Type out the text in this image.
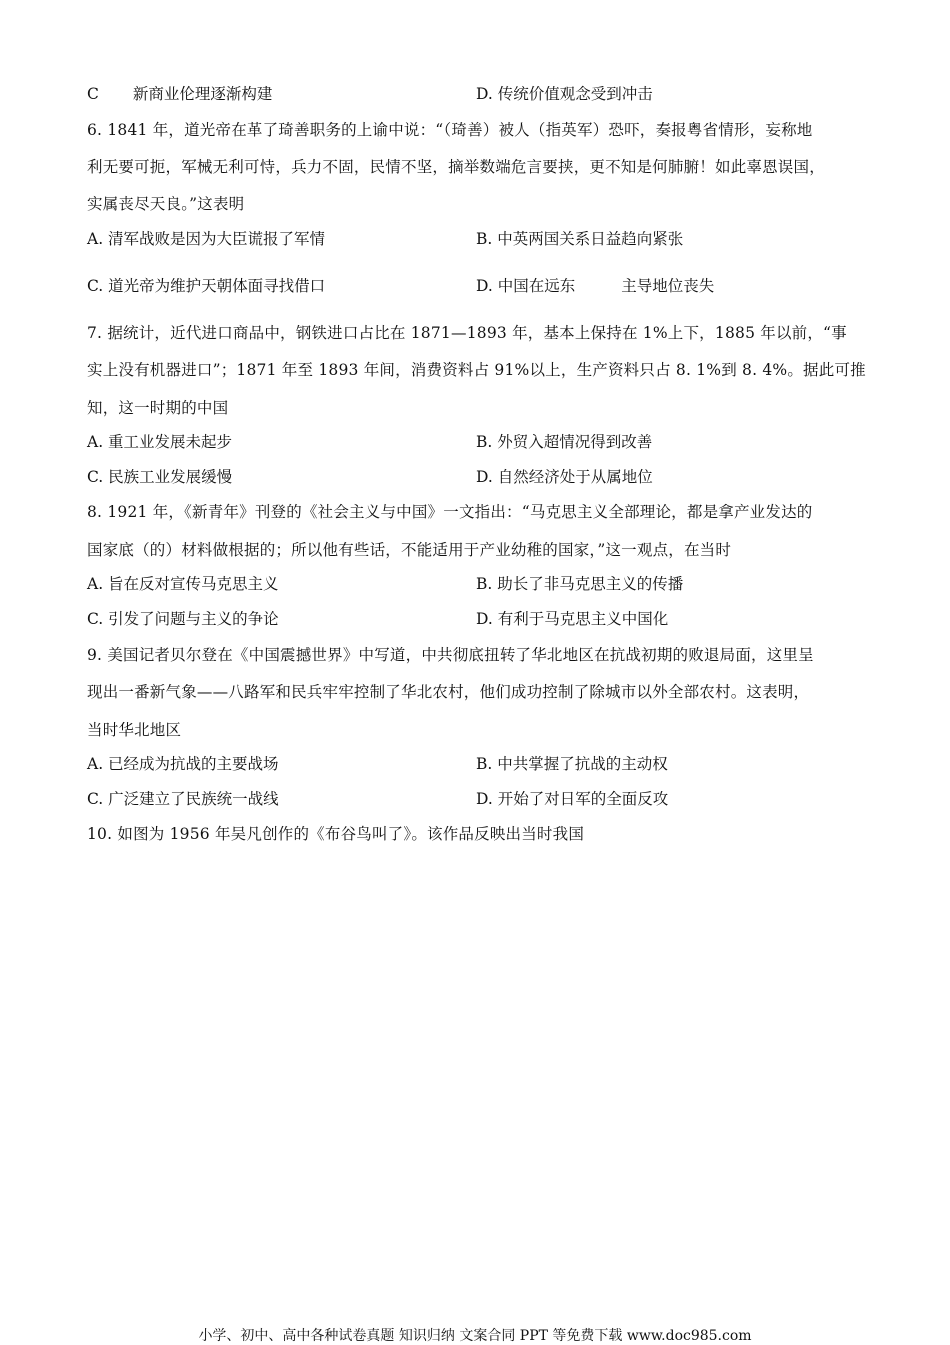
C 新商业伦理逐渐构建	D. 传统价值观念受到冲击
6. 1841 年，道光帝在革了琦善职务的上谕中说：“（琦善）被人（指英军）恐吓，奏报粤省情形，妄称地
利无要可扼，军械无利可恃，兵力不固，民情不坚，摘举数端危言要挟，更不知是何肺腑！如此辜恩误国，
实属丧尽天良。”这表明
A. 清军战败是因为大臣谎报了军情	B. 中英两国关系日益趋向紧张
C. 道光帝为维护天朝体面寻找借口	D. 中国在远东	主导地位丧失
7. 据统计，近代进口商品中，钢铁进口占比在 1871—1893 年，基本上保持在 1%上下，1885 年以前，“事
实上没有机器进口”；1871 年至 1893 年间，消费资料占 91%以上，生产资料只占 8. 1%到 8. 4%。据此可推
知，这一时期的中国
A. 重工业发展未起步	B. 外贸入超情况得到改善
C. 民族工业发展缓慢	D. 自然经济处于从属地位
8. 1921 年，《新青年》刊登的《社会主义与中国》一文指出：“马克思主义全部理论，都是拿产业发达的
国家底（的）材料做根据的；所以他有些话，不能适用于产业幼稚的国家，”这一观点，在当时
A. 旨在反对宣传马克思主义	B. 助长了非马克思主义的传播
C. 引发了问题与主义的争论	D. 有利于马克思主义中国化
9. 美国记者贝尔登在《中国震撼世界》中写道，中共彻底扭转了华北地区在抗战初期的败退局面，这里呈
现出一番新气象——八路军和民兵牢牢控制了华北农村，他们成功控制了除城市以外全部农村。这表明，
当时华北地区
A. 已经成为抗战的主要战场	B. 中共掌握了抗战的主动权
C. 广泛建立了民族统一战线	D. 开始了对日军的全面反攻
10. 如图为 1956 年吴凡创作的《布谷鸟叫了》。该作品反映出当时我国
小学、初中、高中各种试卷真题 知识归纳 文案合同 PPT 等免费下载 www.doc985.com
